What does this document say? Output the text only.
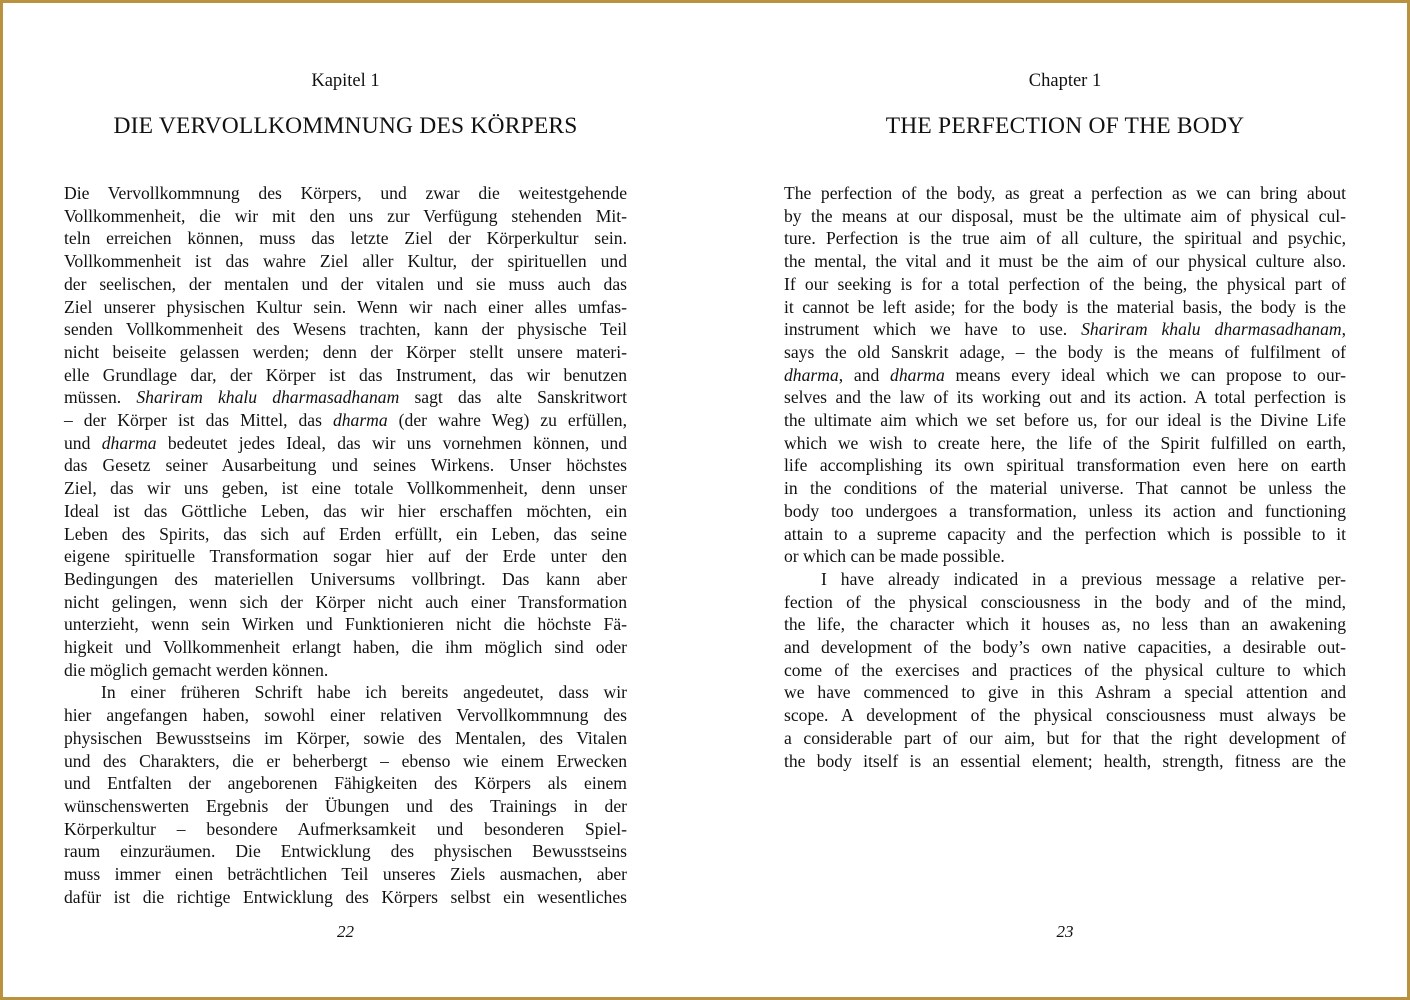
Kapitel 1
DIE VERVOLLKOMMNUNG DES KÖRPERS

Die Vervollkommnung des Körpers, und zwar die weitestgehende
Vollkommenheit, die wir mit den uns zur Verfügung stehenden Mit-
teln erreichen können, muss das letzte Ziel der Körperkultur sein.
Vollkommenheit ist das wahre Ziel aller Kultur, der spirituellen und
der seelischen, der mentalen und der vitalen und sie muss auch das
Ziel unserer physischen Kultur sein. Wenn wir nach einer alles umfas-
senden Vollkommenheit des Wesens trachten, kann der physische Teil
nicht beiseite gelassen werden; denn der Körper stellt unsere materi-
elle Grundlage dar, der Körper ist das Instrument, das wir benutzen
müssen. Shariram khalu dharmasadhanam sagt das alte Sanskritwort
– der Körper ist das Mittel, das dharma (der wahre Weg) zu erfüllen,
und dharma bedeutet jedes Ideal, das wir uns vornehmen können, und
das Gesetz seiner Ausarbeitung und seines Wirkens. Unser höchstes
Ziel, das wir uns geben, ist eine totale Vollkommenheit, denn unser
Ideal ist das Göttliche Leben, das wir hier erschaffen möchten, ein
Leben des Spirits, das sich auf Erden erfüllt, ein Leben, das seine
eigene spirituelle Transformation sogar hier auf der Erde unter den
Bedingungen des materiellen Universums vollbringt. Das kann aber
nicht gelingen, wenn sich der Körper nicht auch einer Transformation
unterzieht, wenn sein Wirken und Funktionieren nicht die höchste Fä-
higkeit und Vollkommenheit erlangt haben, die ihm möglich sind oder
die möglich gemacht werden können.

In einer früheren Schrift habe ich bereits angedeutet, dass wir
hier angefangen haben, sowohl einer relativen Vervollkommnung des
physischen Bewusstseins im Körper, sowie des Mentalen, des Vitalen
und des Charakters, die er beherbergt – ebenso wie einem Erwecken
und Entfalten der angeborenen Fähigkeiten des Körpers als einem
wünschenswerten Ergebnis der Übungen und des Trainings in der
Körperkultur – besondere Aufmerksamkeit und besonderen Spiel-
raum einzuräumen. Die Entwicklung des physischen Bewusstseins
muss immer einen beträchtlichen Teil unseres Ziels ausmachen, aber
dafür ist die richtige Entwicklung des Körpers selbst ein wesentliches

22
Chapter 1
THE PERFECTION OF THE BODY

The perfection of the body, as great a perfection as we can bring about
by the means at our disposal, must be the ultimate aim of physical cul-
ture. Perfection is the true aim of all culture, the spiritual and psychic,
the mental, the vital and it must be the aim of our physical culture also.
If our seeking is for a total perfection of the being, the physical part of
it cannot be left aside; for the body is the material basis, the body is the
instrument which we have to use. Shariram khalu dharmasadhanam,
says the old Sanskrit adage, – the body is the means of fulfilment of
dharma, and dharma means every ideal which we can propose to our-
selves and the law of its working out and its action. A total perfection is
the ultimate aim which we set before us, for our ideal is the Divine Life
which we wish to create here, the life of the Spirit fulfilled on earth,
life accomplishing its own spiritual transformation even here on earth
in the conditions of the material universe. That cannot be unless the
body too undergoes a transformation, unless its action and functioning
attain to a supreme capacity and the perfection which is possible to it
or which can be made possible.

I have already indicated in a previous message a relative per-
fection of the physical consciousness in the body and of the mind,
the life, the character which it houses as, no less than an awakening
and development of the body’s own native capacities, a desirable out-
come of the exercises and practices of the physical culture to which
we have commenced to give in this Ashram a special attention and
scope. A development of the physical consciousness must always be
a considerable part of our aim, but for that the right development of
the body itself is an essential element; health, strength, fitness are the

23
